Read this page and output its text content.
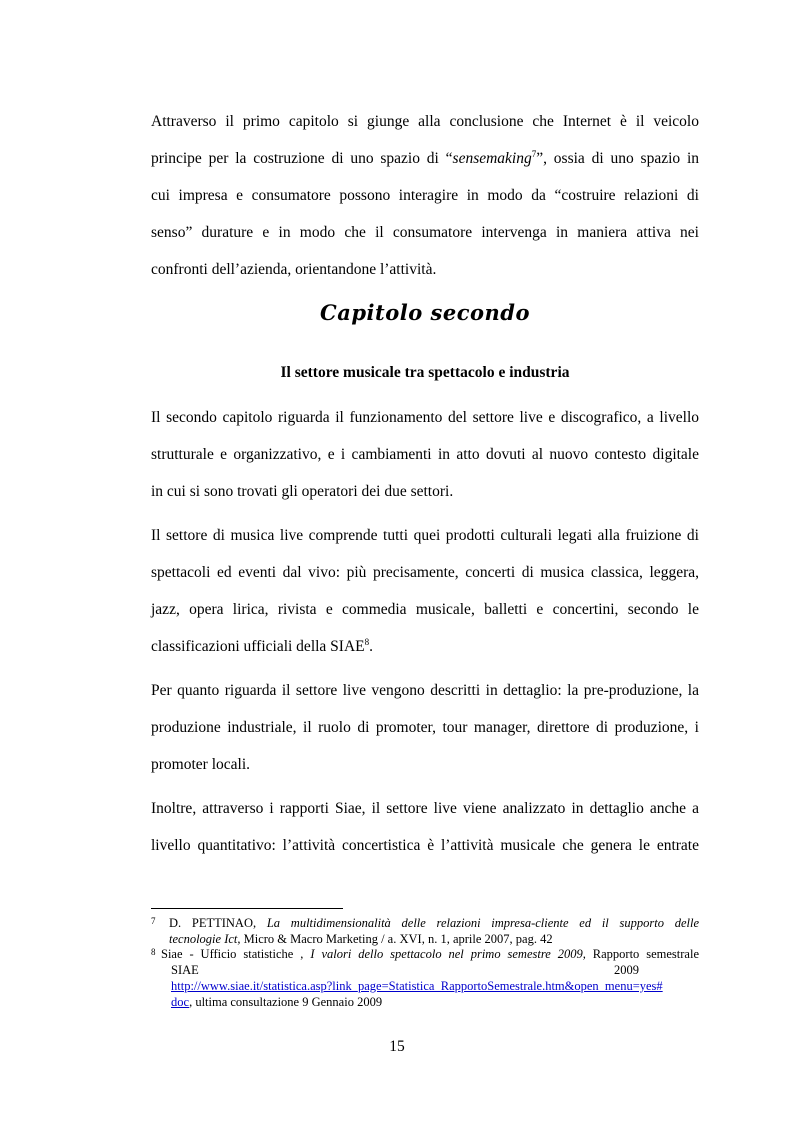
Attraverso il primo capitolo si giunge alla conclusione che Internet è il veicolo
principe per la costruzione di uno spazio di “sensemaking$^7$”, ossia di uno spazio in
cui impresa e consumatore possono interagire in modo da “costruire relazioni di
senso” durature e in modo che il consumatore intervenga in maniera attiva nei
confronti dell’azienda, orientandone l’attività.
Capitolo secondo
Il settore musicale tra spettacolo e industria
Il secondo capitolo riguarda il funzionamento del settore live e discografico, a livello
strutturale e organizzativo, e i cambiamenti in atto dovuti al nuovo contesto digitale
in cui si sono trovati gli operatori dei due settori.
Il settore di musica live comprende tutti quei prodotti culturali legati alla fruizione di
spettacoli ed eventi dal vivo: più precisamente, concerti di musica classica, leggera,
jazz, opera lirica, rivista e commedia musicale, balletti e concertini, secondo le
classificazioni ufficiali della SIAE$^8$.
Per quanto riguarda il settore live vengono descritti in dettaglio: la pre-produzione, la
produzione industriale, il ruolo di promoter, tour manager, direttore di produzione, i
promoter locali.
Inoltre, attraverso i rapporti Siae, il settore live viene analizzato in dettaglio anche a
livello quantitativo: l’attività concertistica è l’attività musicale che genera le entrate
7 D. PETTINAO, La multidimensionalità delle relazioni impresa-cliente ed il supporto delle
tecnologie Ict, Micro & Macro Marketing / a. XVI, n. 1, aprile 2007, pag. 42
8 Siae - Ufficio statistiche , I valori dello spettacolo nel primo semestre 2009, Rapporto semestrale
SIAE	2009
http://www.siae.it/statistica.asp?link_page=Statistica_RapportoSemestrale.htm&open_menu=yes#
doc, ultima consultazione 9 Gennaio 2009
15
